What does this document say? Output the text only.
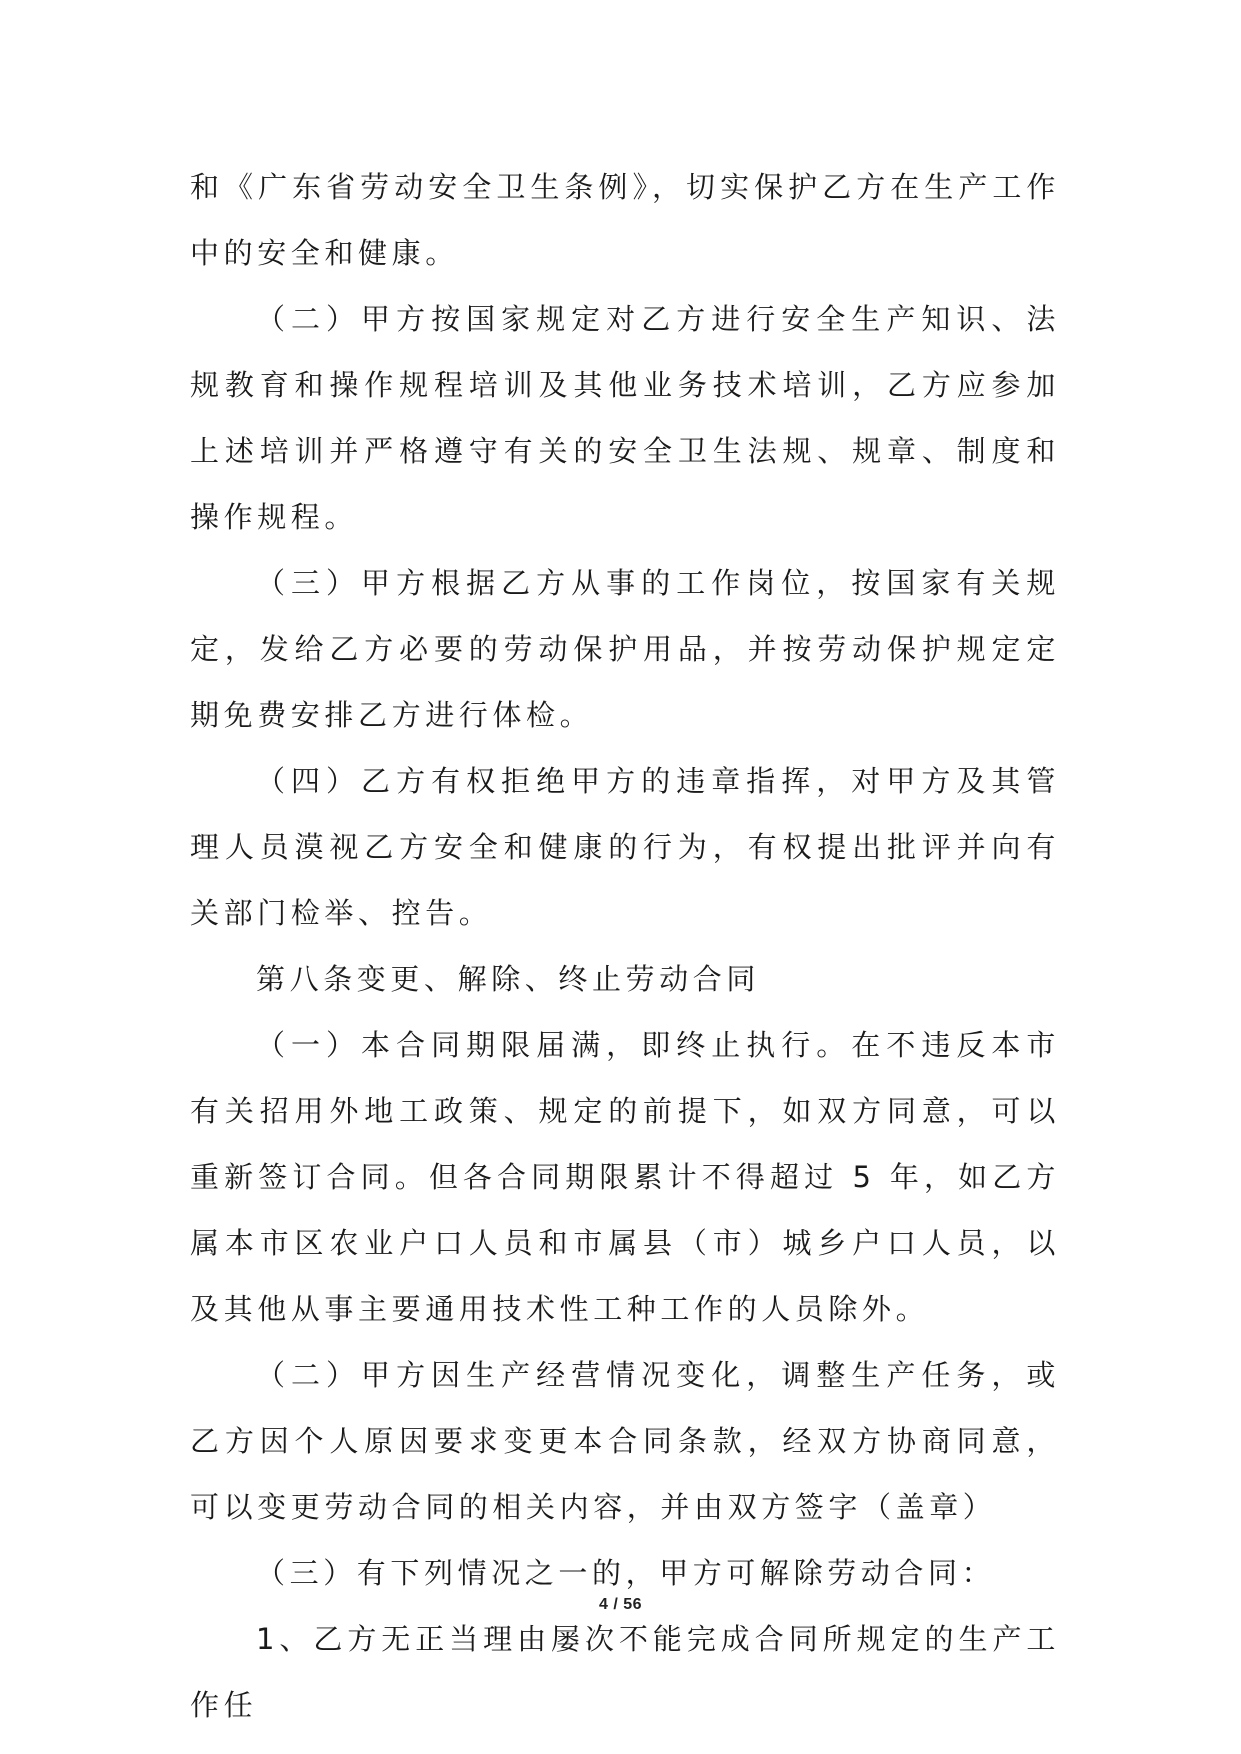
和《广东省劳动安全卫生条例》，切实保护乙方在生产工作中的安全和健康。

（二）甲方按国家规定对乙方进行安全生产知识、法规教育和操作规程培训及其他业务技术培训，乙方应参加上述培训并严格遵守有关的安全卫生法规、规章、制度和操作规程。

（三）甲方根据乙方从事的工作岗位，按国家有关规定，发给乙方必要的劳动保护用品，并按劳动保护规定定期免费安排乙方进行体检。

（四）乙方有权拒绝甲方的违章指挥，对甲方及其管理人员漠视乙方安全和健康的行为，有权提出批评并向有关部门检举、控告。

第八条变更、解除、终止劳动合同

（一）本合同期限届满，即终止执行。在不违反本市有关招用外地工政策、规定的前提下，如双方同意，可以重新签订合同。但各合同期限累计不得超过 5 年，如乙方属本市区农业户口人员和市属县（市）城乡户口人员，以及其他从事主要通用技术性工种工作的人员除外。

（二）甲方因生产经营情况变化，调整生产任务，或乙方因个人原因要求变更本合同条款，经双方协商同意，可以变更劳动合同的相关内容，并由双方签字（盖章）

（三）有下列情况之一的，甲方可解除劳动合同：

1、乙方无正当理由屡次不能完成合同所规定的生产工作任

4 / 56
